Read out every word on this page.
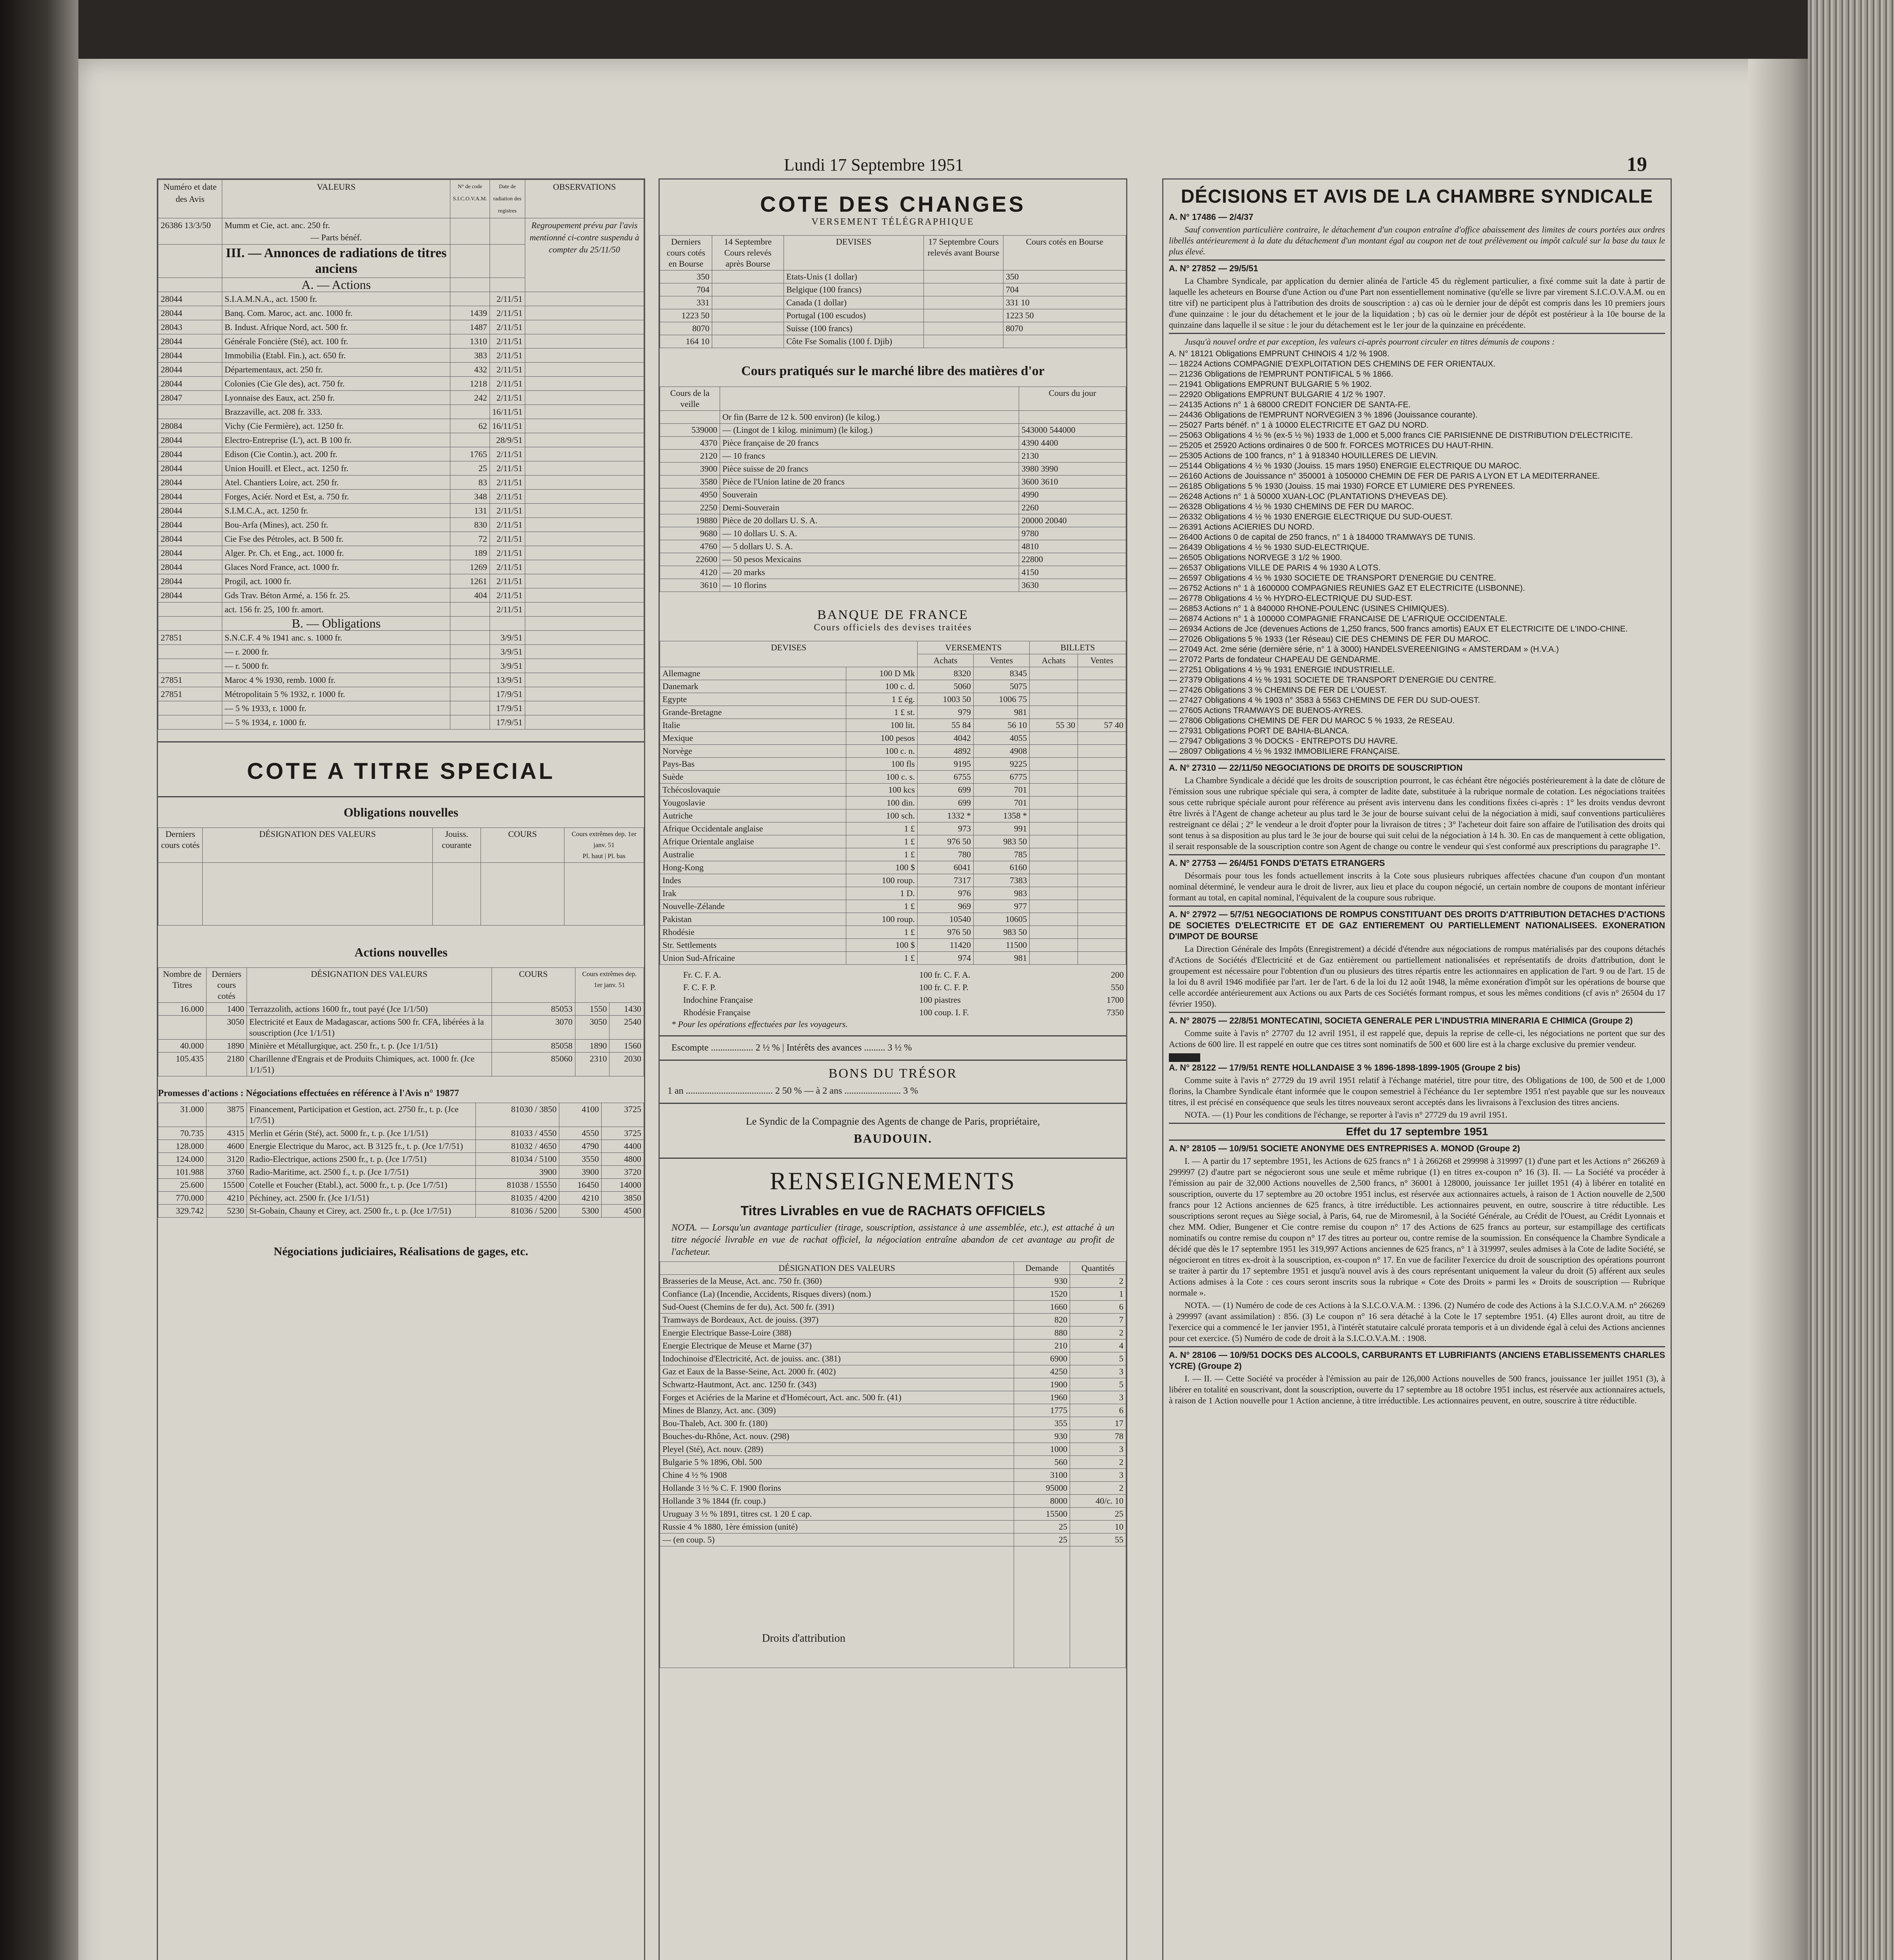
Lundi 17 Septembre 1951	19
Numéro et date des Avis	VALEURS	N° de code S.I.C.O.V.A.M.	Date de radiation des registres	OBSERVATIONS
26386 13/3/50	Mumm et Cie, act. anc. 250 fr.
— Parts bénéf.			Regroupement prévu par l'avis mentionné ci-contre suspendu à compter du 25/11/50
	III. — Annonces de radiations de titres anciens			
	A. — Actions			
28044	S.I.A.M.N.A., act. 1500 fr.		2/11/51	
28044	Banq. Com. Maroc, act. anc. 1000 fr.	1439	2/11/51	
28043	B. Indust. Afrique Nord, act. 500 fr.	1487	2/11/51	
28044	Générale Foncière (Sté), act. 100 fr.	1310	2/11/51	
28044	Immobilia (Etabl. Fin.), act. 650 fr.	383	2/11/51	
28044	Départementaux, act. 250 fr.	432	2/11/51	
28044	Colonies (Cie Gle des), act. 750 fr.	1218	2/11/51	
28047	Lyonnaise des Eaux, act. 250 fr.	242	2/11/51	
	Brazzaville, act. 208 fr. 333.		16/11/51	
28084	Vichy (Cie Fermière), act. 1250 fr.	62	16/11/51	
28044	Electro-Entreprise (L'), act. B 100 fr.		28/9/51	
28044	Edison (Cie Contin.), act. 200 fr.	1765	2/11/51	
28044	Union Houill. et Elect., act. 1250 fr.	25	2/11/51	
28044	Atel. Chantiers Loire, act. 250 fr.	83	2/11/51	
28044	Forges, Aciér. Nord et Est, a. 750 fr.	348	2/11/51	
28044	S.I.M.C.A., act. 1250 fr.	131	2/11/51	
28044	Bou-Arfa (Mines), act. 250 fr.	830	2/11/51	
28044	Cie Fse des Pétroles, act. B 500 fr.	72	2/11/51	
28044	Alger. Pr. Ch. et Eng., act. 1000 fr.	189	2/11/51	
28044	Glaces Nord France, act. 1000 fr.	1269	2/11/51	
28044	Progil, act. 1000 fr.	1261	2/11/51	
28044	Gds Trav. Béton Armé, a. 156 fr. 25.	404	2/11/51	
	act. 156 fr. 25, 100 fr. amort.		2/11/51	
	B. — Obligations			
27851	S.N.C.F. 4 % 1941 anc. s. 1000 fr.		3/9/51	
	— r. 2000 fr.		3/9/51	
	— r. 5000 fr.		3/9/51	
27851	Maroc 4 % 1930, remb. 1000 fr.		13/9/51	
27851	Métropolitain 5 % 1932, r. 1000 fr.		17/9/51	
	— 5 % 1933, r. 1000 fr.		17/9/51	
	— 5 % 1934, r. 1000 fr.		17/9/51	
COTE A TITRE SPECIAL
Obligations nouvelles
Derniers cours cotés	DÉSIGNATION DES VALEURS	Jouiss. courante	COURS	Cours extrêmes dep. 1er janv. 51
Pl. haut | Pl. bas

Actions nouvelles
Nombre de Titres	Derniers cours cotés	DÉSIGNATION DES VALEURS	COURS	Cours extrêmes dep. 1er janv. 51	
16.000	1400	Terrazzolith, actions 1600 fr., tout payé (Jce 1/1/50)	85053	1550	1430
	3050	Electricité et Eaux de Madagascar, actions 500 fr. CFA, libérées à la souscription (Jce 1/1/51)	3070	3050	2540
40.000	1890	Minière et Métallurgique, act. 250 fr., t. p. (Jce 1/1/51)	85058	1890	1560
105.435	2180	Charillenne d'Engrais et de Produits Chimiques, act. 1000 fr. (Jce 1/1/51)	85060	2310	2030
Promesses d'actions : Négociations effectuées en référence à l'Avis n° 19877
31.000	3875	Financement, Participation et Gestion, act. 2750 fr., t. p. (Jce 1/7/51)	81030 / 3850	4100	3725
70.735	4315	Merlin et Gérin (Sté), act. 5000 fr., t. p. (Jce 1/1/51)	81033 / 4550	4550	3725
128.000	4600	Energie Electrique du Maroc, act. B 3125 fr., t. p. (Jce 1/7/51)	81032 / 4650	4790	4400
124.000	3120	Radio-Electrique, actions 2500 fr., t. p. (Jce 1/7/51)	81034 / 5100	3550	4800
101.988	3760	Radio-Maritime, act. 2500 f., t. p. (Jce 1/7/51)	3900	3900	3720
25.600	15500	Cotelle et Foucher (Etabl.), act. 5000 fr., t. p. (Jce 1/7/51)	81038 / 15550	16450	14000
770.000	4210	Péchiney, act. 2500 fr. (Jce 1/1/51)	81035 / 4200	4210	3850
329.742	5230	St-Gobain, Chauny et Cirey, act. 2500 fr., t. p. (Jce 1/7/51)	81036 / 5200	5300	4500
Négociations judiciaires, Réalisations de gages, etc.
COTE DES CHANGES
VERSEMENT TÉLÉGRAPHIQUE
Derniers cours cotés en Bourse	14 Septembre Cours relevés après Bourse	DEVISES	17 Septembre Cours relevés avant Bourse	Cours cotés en Bourse
350		Etats-Unis (1 dollar)		350
704		Belgique (100 francs)		704
331		Canada (1 dollar)		331 10
1223 50		Portugal (100 escudos)		1223 50
8070		Suisse (100 francs)		8070
164 10		Côte Fse Somalis (100 f. Djib)		
Cours pratiqués sur le marché libre des matières d'or
Cours de la veille		Cours du jour
	Or fin (Barre de 12 k. 500 environ) (le kilog.)	
539000	— (Lingot de 1 kilog. minimum) (le kilog.)	543000 544000
4370	Pièce française de 20 francs	4390 4400
2120	— 10 francs	2130
3900	Pièce suisse de 20 francs	3980 3990
3580	Pièce de l'Union latine de 20 francs	3600 3610
4950	Souverain	4990
2250	Demi-Souverain	2260
19880	Pièce de 20 dollars U. S. A.	20000 20040
9680	— 10 dollars U. S. A.	9780
4760	— 5 dollars U. S. A.	4810
22600	— 50 pesos Mexicains	22800
4120	— 20 marks	4150
3610	— 10 florins	3630
BANQUE DE FRANCE
Cours officiels des devises traitées
DEVISES		VERSEMENTS		BILLETS	
		Achats	Ventes	Achats	Ventes
Allemagne	100 D Mk	8320	8345		
Danemark	100 c. d.	5060	5075		
Egypte	1 £ ég.	1003 50	1006 75		
Grande-Bretagne	1 £ st.	979	981		
Italie	100 lit.	55 84	56 10	55 30	57 40
Mexique	100 pesos	4042	4055		
Norvège	100 c. n.	4892	4908		
Pays-Bas	100 fls	9195	9225		
Suède	100 c. s.	6755	6775		
Tchécoslovaquie	100 kcs	699	701		
Yougoslavie	100 din.	699	701		
Autriche	100 sch.	1332 *	1358 *		
Afrique Occidentale anglaise	1 £	973	991		
Afrique Orientale anglaise	1 £	976 50	983 50		
Australie	1 £	780	785		
Hong-Kong	100 $	6041	6160		
Indes	100 roup.	7317	7383		
Irak	1 D.	976	983		
Nouvelle-Zélande	1 £	969	977		
Pakistan	100 roup.	10540	10605		
Rhodésie	1 £	976 50	983 50		
Str. Settlements	100 $	11420	11500		
Union Sud-Africaine	1 £	974	981		
Fr. C. F. A.	100 fr. C. F. A.	200
F. C. F. P.	100 fr. C. F. P.	550
Indochine Française	100 piastres	1700
Rhodésie Française	100 coup. I. F.	7350
* Pour les opérations effectuées par les voyageurs.
Escompte .................. 2 ½ % | Intérêts des avances ......... 3 ½ %
BONS DU TRÉSOR
1 an ..................................... 2 50 % — à 2 ans ........................ 3 %
Le Syndic de la Compagnie des Agents de change de Paris, propriétaire,
BAUDOUIN.
RENSEIGNEMENTS
Titres Livrables en vue de RACHATS OFFICIELS
NOTA. — Lorsqu'un avantage particulier (tirage, souscription, assistance à une assemblée, etc.), est attaché à un titre négocié livrable en vue de rachat officiel, la négociation entraîne abandon de cet avantage au profit de l'acheteur.
DÉSIGNATION DES VALEURS	Demande	Quantités
Brasseries de la Meuse, Act. anc. 750 fr. (360)	930	2
Confiance (La) (Incendie, Accidents, Risques divers) (nom.)	1520	1
Sud-Ouest (Chemins de fer du), Act. 500 fr. (391)	1660	6
Tramways de Bordeaux, Act. de jouiss. (397)	820	7
Energie Electrique Basse-Loire (388)	880	2
Energie Electrique de Meuse et Marne (37)	210	4
Indochinoise d'Electricité, Act. de jouiss. anc. (381)	6900	5
Gaz et Eaux de la Basse-Seine, Act. 2000 fr. (402)	4250	3
Schwartz-Hautmont, Act. anc. 1250 fr. (343)	1900	5
Forges et Aciéries de la Marine et d'Homécourt, Act. anc. 500 fr. (41)	1960	3
Mines de Blanzy, Act. anc. (309)	1775	6
Bou-Thaleb, Act. 300 fr. (180)	355	17
Bouches-du-Rhône, Act. nouv. (298)	930	78
Pleyel (Sté), Act. nouv. (289)	1000	3
Bulgarie 5 % 1896, Obl. 500	560	2
Chine 4 ½ % 1908	3100	3
Hollande 3 ½ % C. F. 1900 florins	95000	2
Hollande 3 % 1844 (fr. coup.)	8000	40/c. 10
Uruguay 3 ½ % 1891, titres cst. 1 20 £ cap.	15500	25
Russie 4 % 1880, 1ère émission (unité)	25	10
— (en coup. 5)	25	55
Droits d'attribution		
DÉCISIONS ET AVIS DE LA CHAMBRE SYNDICALE

A. N° 17486 — 2/4/37

Sauf convention particulière contraire, le détachement d'un coupon entraîne d'office abaissement des limites de cours portées aux ordres libellés antérieurement à la date du détachement d'un montant égal au coupon net de tout prélèvement ou impôt calculé sur la base du taux le plus élevé.

A. N° 27852 — 29/5/51

La Chambre Syndicale, par application du dernier alinéa de l'article 45 du règlement particulier, a fixé comme suit la date à partir de laquelle les acheteurs en Bourse d'une Action ou d'une Part non essentiellement nominative (qu'elle se livre par virement S.I.C.O.V.A.M. ou en titre vif) ne participent plus à l'attribution des droits de souscription : a) cas où le dernier jour de dépôt est compris dans les 10 premiers jours d'une quinzaine : le jour du détachement et le jour de la liquidation ; b) cas où le dernier jour de dépôt est postérieur à la 10e bourse de la quinzaine dans laquelle il se situe : le jour du détachement est le 1er jour de la quinzaine en précédente.

Jusqu'à nouvel ordre et par exception, les valeurs ci-après pourront circuler en titres démunis de coupons :

A. N° 18121 Obligations EMPRUNT CHINOIS 4 1/2 % 1908.
— 18224 Actions COMPAGNIE D'EXPLOITATION DES CHEMINS DE FER ORIENTAUX.
— 21236 Obligations de l'EMPRUNT PONTIFICAL 5 % 1866.
— 21941 Obligations EMPRUNT BULGARIE 5 % 1902.
— 22920 Obligations EMPRUNT BULGARIE 4 1/2 % 1907.
— 24135 Actions n° 1 à 68000 CREDIT FONCIER DE SANTA-FE.
— 24436 Obligations de l'EMPRUNT NORVEGIEN 3 % 1896 (Jouissance courante).
— 25027 Parts bénéf. n° 1 à 10000 ELECTRICITE ET GAZ DU NORD.
— 25063 Obligations 4 ½ % (ex-5 ½ %) 1933 de 1,000 et 5,000 francs CIE PARISIENNE DE DISTRIBUTION D'ELECTRICITE.
— 25205 et 25920 Actions ordinaires 0 de 500 fr. FORCES MOTRICES DU HAUT-RHIN.
— 25305 Actions de 100 francs, n° 1 à 918340 HOUILLERES DE LIEVIN.
— 25144 Obligations 4 ½ % 1930 (Jouiss. 15 mars 1950) ENERGIE ELECTRIQUE DU MAROC.
— 26160 Actions de Jouissance n° 350001 à 1050000 CHEMIN DE FER DE PARIS A LYON ET LA MEDITERRANEE.
— 26185 Obligations 5 % 1930 (Jouiss. 15 mai 1930) FORCE ET LUMIERE DES PYRENEES.
— 26248 Actions n° 1 à 50000 XUAN-LOC (PLANTATIONS D'HEVEAS DE).
— 26328 Obligations 4 ½ % 1930 CHEMINS DE FER DU MAROC.
— 26332 Obligations 4 ½ % 1930 ENERGIE ELECTRIQUE DU SUD-OUEST.
— 26391 Actions ACIERIES DU NORD.
— 26400 Actions 0 de capital de 250 francs, n° 1 à 184000 TRAMWAYS DE TUNIS.
— 26439 Obligations 4 ½ % 1930 SUD-ELECTRIQUE.
— 26505 Obligations NORVEGE 3 1/2 % 1900.
— 26537 Obligations VILLE DE PARIS 4 % 1930 A LOTS.
— 26597 Obligations 4 ½ % 1930 SOCIETE DE TRANSPORT D'ENERGIE DU CENTRE.
— 26752 Actions n° 1 à 1600000 COMPAGNIES REUNIES GAZ ET ELECTRICITE (LISBONNE).
— 26778 Obligations 4 ½ % HYDRO-ELECTRIQUE DU SUD-EST.
— 26853 Actions n° 1 à 840000 RHONE-POULENC (USINES CHIMIQUES).
— 26874 Actions n° 1 à 100000 COMPAGNIE FRANCAISE DE L'AFRIQUE OCCIDENTALE.
— 26934 Actions de Jce (devenues Actions de 1,250 francs, 500 francs amortis) EAUX ET ELECTRICITE DE L'INDO-CHINE.
— 27026 Obligations 5 % 1933 (1er Réseau) CIE DES CHEMINS DE FER DU MAROC.
— 27049 Act. 2me série (dernière série, n° 1 à 3000) HANDELSVEREENIGING « AMSTERDAM » (H.V.A.)
— 27072 Parts de fondateur CHAPEAU DE GENDARME.
— 27251 Obligations 4 ½ % 1931 ENERGIE INDUSTRIELLE.
— 27379 Obligations 4 ½ % 1931 SOCIETE DE TRANSPORT D'ENERGIE DU CENTRE.
— 27426 Obligations 3 % CHEMINS DE FER DE L'OUEST.
— 27427 Obligations 4 % 1903 n° 3583 à 5563 CHEMINS DE FER DU SUD-OUEST.
— 27605 Actions TRAMWAYS DE BUENOS-AYRES.
— 27806 Obligations CHEMINS DE FER DU MAROC 5 % 1933, 2e RESEAU.
— 27931 Obligations PORT DE BAHIA-BLANCA.
— 27947 Obligations 3 % DOCKS - ENTREPOTS DU HAVRE.
— 28097 Obligations 4 ½ % 1932 IMMOBILIERE FRANÇAISE.

A. N° 27310 — 22/11/50 NEGOCIATIONS DE DROITS DE SOUSCRIPTION

La Chambre Syndicale a décidé que les droits de souscription pourront, le cas échéant être négociés postérieurement à la date de clôture de l'émission sous une rubrique spéciale qui sera, à compter de ladite date, substituée à la rubrique normale de cotation. Les négociations traitées sous cette rubrique spéciale auront pour référence au présent avis intervenu dans les conditions fixées ci-après : 1° les droits vendus devront être livrés à l'Agent de change acheteur au plus tard le 3e jour de bourse suivant celui de la négociation à midi, sauf conventions particulières restreignant ce délai ; 2° le vendeur a le droit d'opter pour la livraison de titres ; 3° l'acheteur doit faire son affaire de l'utilisation des droits qui sont tenus à sa disposition au plus tard le 3e jour de bourse qui suit celui de la négociation à 14 h. 30. En cas de manquement à cette obligation, il serait responsable de la souscription contre son Agent de change ou contre le vendeur qui s'est conformé aux prescriptions du paragraphe 1°.

A. N° 27753 — 26/4/51 FONDS D'ETATS ETRANGERS

Désormais pour tous les fonds actuellement inscrits à la Cote sous plusieurs rubriques affectées chacune d'un coupon d'un montant nominal déterminé, le vendeur aura le droit de livrer, aux lieu et place du coupon négocié, un certain nombre de coupons de montant inférieur formant au total, en capital nominal, l'équivalent de la coupure sous rubrique.

A. N° 27972 — 5/7/51 NEGOCIATIONS DE ROMPUS CONSTITUANT DES DROITS D'ATTRIBUTION DETACHES D'ACTIONS DE SOCIETES D'ELECTRICITE ET DE GAZ ENTIEREMENT OU PARTIELLEMENT NATIONALISEES. EXONERATION D'IMPOT DE BOURSE

La Direction Générale des Impôts (Enregistrement) a décidé d'étendre aux négociations de rompus matérialisés par des coupons détachés d'Actions de Sociétés d'Electricité et de Gaz entièrement ou partiellement nationalisées et représentatifs de droits d'attribution, dont le groupement est nécessaire pour l'obtention d'un ou plusieurs des titres répartis entre les actionnaires en application de l'art. 9 ou de l'art. 15 de la loi du 8 avril 1946 modifiée par l'art. 1er de l'art. 6 de la loi du 12 août 1948, la même exonération d'impôt sur les opérations de bourse que celle accordée antérieurement aux Actions ou aux Parts de ces Sociétés formant rompus, et sous les mêmes conditions (cf avis n° 26504 du 17 février 1950).

A. N° 28075 — 22/8/51 MONTECATINI, SOCIETA GENERALE PER L'INDUSTRIA MINERARIA E CHIMICA (Groupe 2)

Comme suite à l'avis n° 27707 du 12 avril 1951, il est rappelé que, depuis la reprise de celle-ci, les négociations ne portent que sur des Actions de 600 lire. Il est rappelé en outre que ces titres sont nominatifs de 500 et 600 lire est à la charge exclusive du premier vendeur.

A. N° 28122 — 17/9/51 RENTE HOLLANDAISE 3 % 1896-1898-1899-1905 (Groupe 2 bis)

Comme suite à l'avis n° 27729 du 19 avril 1951 relatif à l'échange matériel, titre pour titre, des Obligations de 100, de 500 et de 1,000 florins, la Chambre Syndicale étant informée que le coupon semestriel à l'échéance du 1er septembre 1951 n'est payable que sur les nouveaux titres, il est précisé en conséquence que seuls les titres nouveaux seront acceptés dans les livraisons à l'exclusion des titres anciens.

NOTA. — (1) Pour les conditions de l'échange, se reporter à l'avis n° 27729 du 19 avril 1951.

Effet du 17 septembre 1951

A. N° 28105 — 10/9/51 SOCIETE ANONYME DES ENTREPRISES A. MONOD (Groupe 2)

I. — A partir du 17 septembre 1951, les Actions de 625 francs n° 1 à 266268 et 299998 à 319997 (1) d'une part et les Actions n° 266269 à 299997 (2) d'autre part se négocieront sous une seule et même rubrique (1) en titres ex-coupon n° 16 (3). II. — La Société va procéder à l'émission au pair de 32,000 Actions nouvelles de 2,500 francs, n° 36001 à 128000, jouissance 1er juillet 1951 (4) à libérer en totalité en souscription, ouverte du 17 septembre au 20 octobre 1951 inclus, est réservée aux actionnaires actuels, à raison de 1 Action nouvelle de 2,500 francs pour 12 Actions anciennes de 625 francs, à titre irréductible. Les actionnaires peuvent, en outre, souscrire à titre réductible. Les souscriptions seront reçues au Siège social, à Paris, 64, rue de Miromesnil, à la Société Générale, au Crédit de l'Ouest, au Crédit Lyonnais et chez MM. Odier, Bungener et Cie contre remise du coupon n° 17 des Actions de 625 francs au porteur, sur estampillage des certificats nominatifs ou contre remise du coupon n° 17 des titres au porteur ou, contre remise de la soumission. En conséquence la Chambre Syndicale a décidé que dès le 17 septembre 1951 les 319,997 Actions anciennes de 625 francs, n° 1 à 319997, seules admises à la Cote de ladite Société, se négocieront en titres ex-droit à la souscription, ex-coupon n° 17. En vue de faciliter l'exercice du droit de souscription des opérations pourront se traiter à partir du 17 septembre 1951 et jusqu'à nouvel avis à des cours représentant uniquement la valeur du droit (5) afférent aux seules Actions admises à la Cote : ces cours seront inscrits sous la rubrique « Cote des Droits » parmi les « Droits de souscription — Rubrique normale ».

NOTA. — (1) Numéro de code de ces Actions à la S.I.C.O.V.A.M. : 1396. (2) Numéro de code des Actions à la S.I.C.O.V.A.M. n° 266269 à 299997 (avant assimilation) : 856. (3) Le coupon n° 16 sera détaché à la Cote le 17 septembre 1951. (4) Elles auront droit, au titre de l'exercice qui a commencé le 1er janvier 1951, à l'intérêt statutaire calculé prorata temporis et à un dividende égal à celui des Actions anciennes pour cet exercice. (5) Numéro de code de droit à la S.I.C.O.V.A.M. : 1908.

A. N° 28106 — 10/9/51 DOCKS DES ALCOOLS, CARBURANTS ET LUBRIFIANTS (ANCIENS ETABLISSEMENTS CHARLES YCRE) (Groupe 2)

I. — II. — Cette Société va procéder à l'émission au pair de 126,000 Actions nouvelles de 500 francs, jouissance 1er juillet 1951 (3), à libérer en totalité en souscrivant, dont la souscription, ouverte du 17 septembre au 18 octobre 1951 inclus, est réservée aux actionnaires actuels, à raison de 1 Action nouvelle pour 1 Action ancienne, à titre irréductible. Les actionnaires peuvent, en outre, souscrire à titre réductible.
